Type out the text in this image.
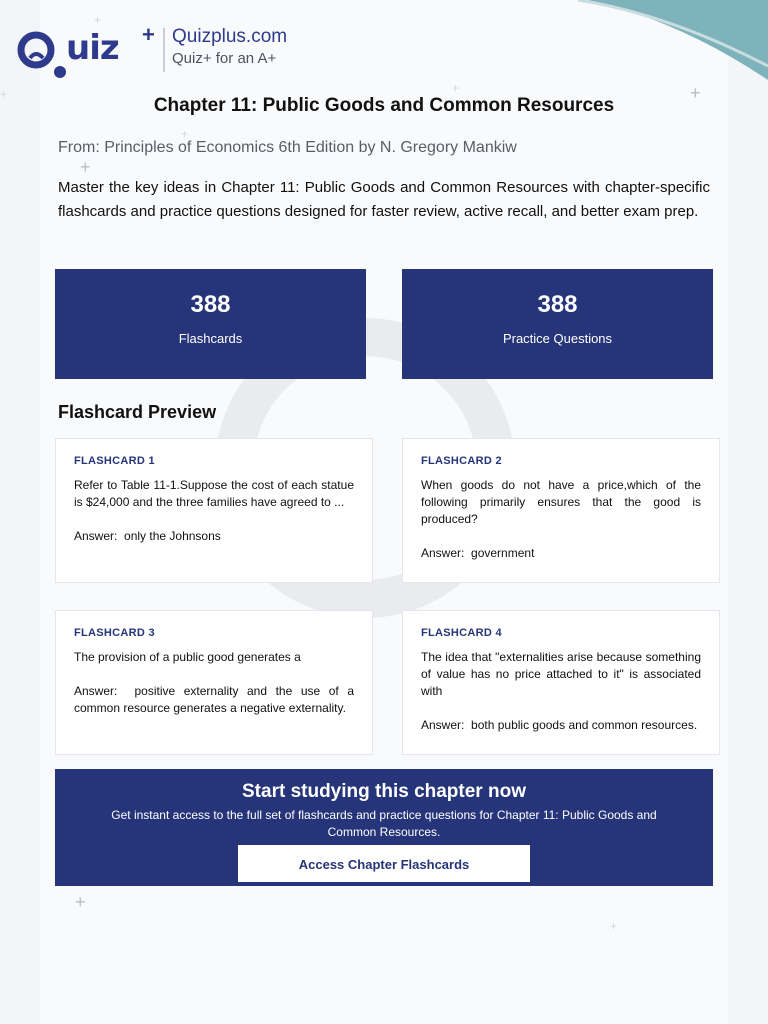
+
+
+
+
+
+
+
+
uiz + Quizplus.com
Quiz+ for an A+
Chapter 11: Public Goods and Common Resources
From: Principles of Economics 6th Edition by N. Gregory Mankiw
Master the key ideas in Chapter 11: Public Goods and Common Resources with chapter-specific flashcards and practice questions designed for faster review, active recall, and better exam prep.
388
Flashcards
388
Practice Questions
Flashcard Preview
FLASHCARD 1
Refer to Table 11-1.Suppose the cost of each statue is $24,000 and the three families have agreed to ...
Answer: only the Johnsons
FLASHCARD 2
When goods do not have a price,which of the following primarily ensures that the good is produced?
Answer: government
FLASHCARD 3
The provision of a public good generates a
Answer: positive externality and the use of a common resource generates a negative externality.
FLASHCARD 4
The idea that "externalities arise because something of value has no price attached to it" is associated with
Answer: both public goods and common resources.
Start studying this chapter now

Get instant access to the full set of flashcards and practice questions for Chapter 11: Public Goods and Common Resources.

Access Chapter Flashcards
